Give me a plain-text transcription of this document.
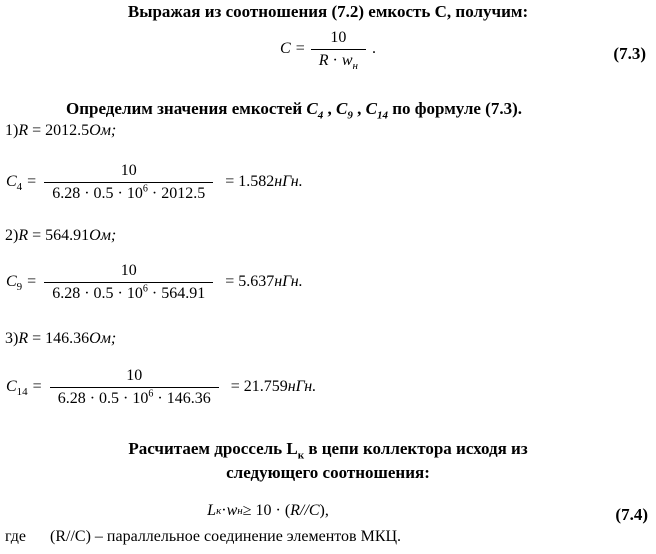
Выражая из соотношения (7.2) емкость С, получим:
$C = \frac{10}{R \cdot w_н}$ .	(7.3)
Определим значения емкостей $C_4$ , $C_9$ , $C_{14}$ по формуле (7.3).
1)R = 2012.5Ом;
$C_4 = \frac{10}{6.28 \cdot 0.5 \cdot 10^6 \cdot 2012.5} = 1.582нГн$.
2)R = 564.91Ом;
$C_9 = \frac{10}{6.28 \cdot 0.5 \cdot 10^6 \cdot 564.91} = 5.637нГн$.
3)R = 146.36Ом;
$C_{14} = \frac{10}{6.28 \cdot 0.5 \cdot 10^6 \cdot 146.36} = 21.759нГн$.
Расчитаем дроссель $L_к$ в цепи коллектора исходя из следующего соотношения:
L к · w н ≥ 10 · ( R // C ),	(7.4)
где (R//C) – параллельное соединение элементов МКЦ.
